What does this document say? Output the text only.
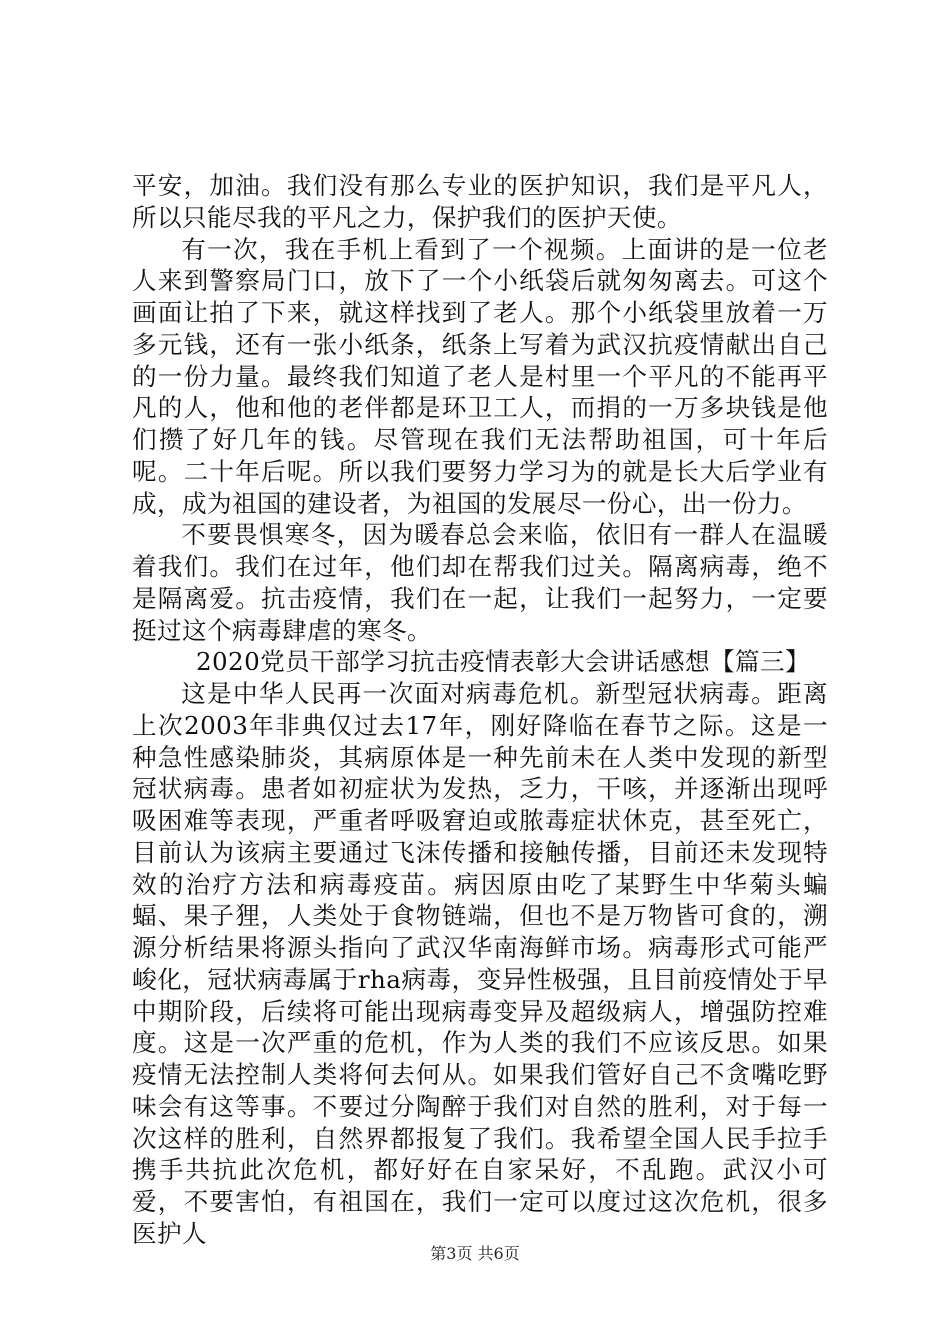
平安，加油。我们没有那么专业的医护知识，我们是平凡人，所以只能尽我的平凡之力，保护我们的医护天使。

有一次，我在手机上看到了一个视频。上面讲的是一位老人来到警察局门口，放下了一个小纸袋后就匆匆离去。可这个画面让拍了下来，就这样找到了老人。那个小纸袋里放着一万多元钱，还有一张小纸条，纸条上写着为武汉抗疫情献出自己的一份力量。最终我们知道了老人是村里一个平凡的不能再平凡的人，他和他的老伴都是环卫工人，而捐的一万多块钱是他们攒了好几年的钱。尽管现在我们无法帮助祖国，可十年后呢。二十年后呢。所以我们要努力学习为的就是长大后学业有成，成为祖国的建设者，为祖国的发展尽一份心，出一份力。

不要畏惧寒冬，因为暖春总会来临，依旧有一群人在温暖着我们。我们在过年，他们却在帮我们过关。隔离病毒，绝不是隔离爱。抗击疫情，我们在一起，让我们一起努力，一定要挺过这个病毒肆虐的寒冬。

2020党员干部学习抗击疫情表彰大会讲话感想【篇三】

这是中华人民再一次面对病毒危机。新型冠状病毒。距离上次2003年非典仅过去17年，刚好降临在春节之际。这是一种急性感染肺炎，其病原体是一种先前未在人类中发现的新型冠状病毒。患者如初症状为发热，乏力，干咳，并逐渐出现呼吸困难等表现，严重者呼吸窘迫或脓毒症状休克，甚至死亡，目前认为该病主要通过飞沫传播和接触传播，目前还未发现特效的治疗方法和病毒疫苗。病因原由吃了某野生中华菊头蝙蝠、果子狸，人类处于食物链端，但也不是万物皆可食的，溯源分析结果将源头指向了武汉华南海鲜市场。病毒形式可能严峻化，冠状病毒属于rha病毒，变异性极强，且目前疫情处于早中期阶段，后续将可能出现病毒变异及超级病人，增强防控难度。这是一次严重的危机，作为人类的我们不应该反思。如果疫情无法控制人类将何去何从。如果我们管好自己不贪嘴吃野味会有这等事。不要过分陶醉于我们对自然的胜利，对于每一次这样的胜利，自然界都报复了我们。我希望全国人民手拉手携手共抗此次危机，都好好在自家呆好，不乱跑。武汉小可爱，不要害怕，有祖国在，我们一定可以度过这次危机，很多医护人

第3页 共6页
